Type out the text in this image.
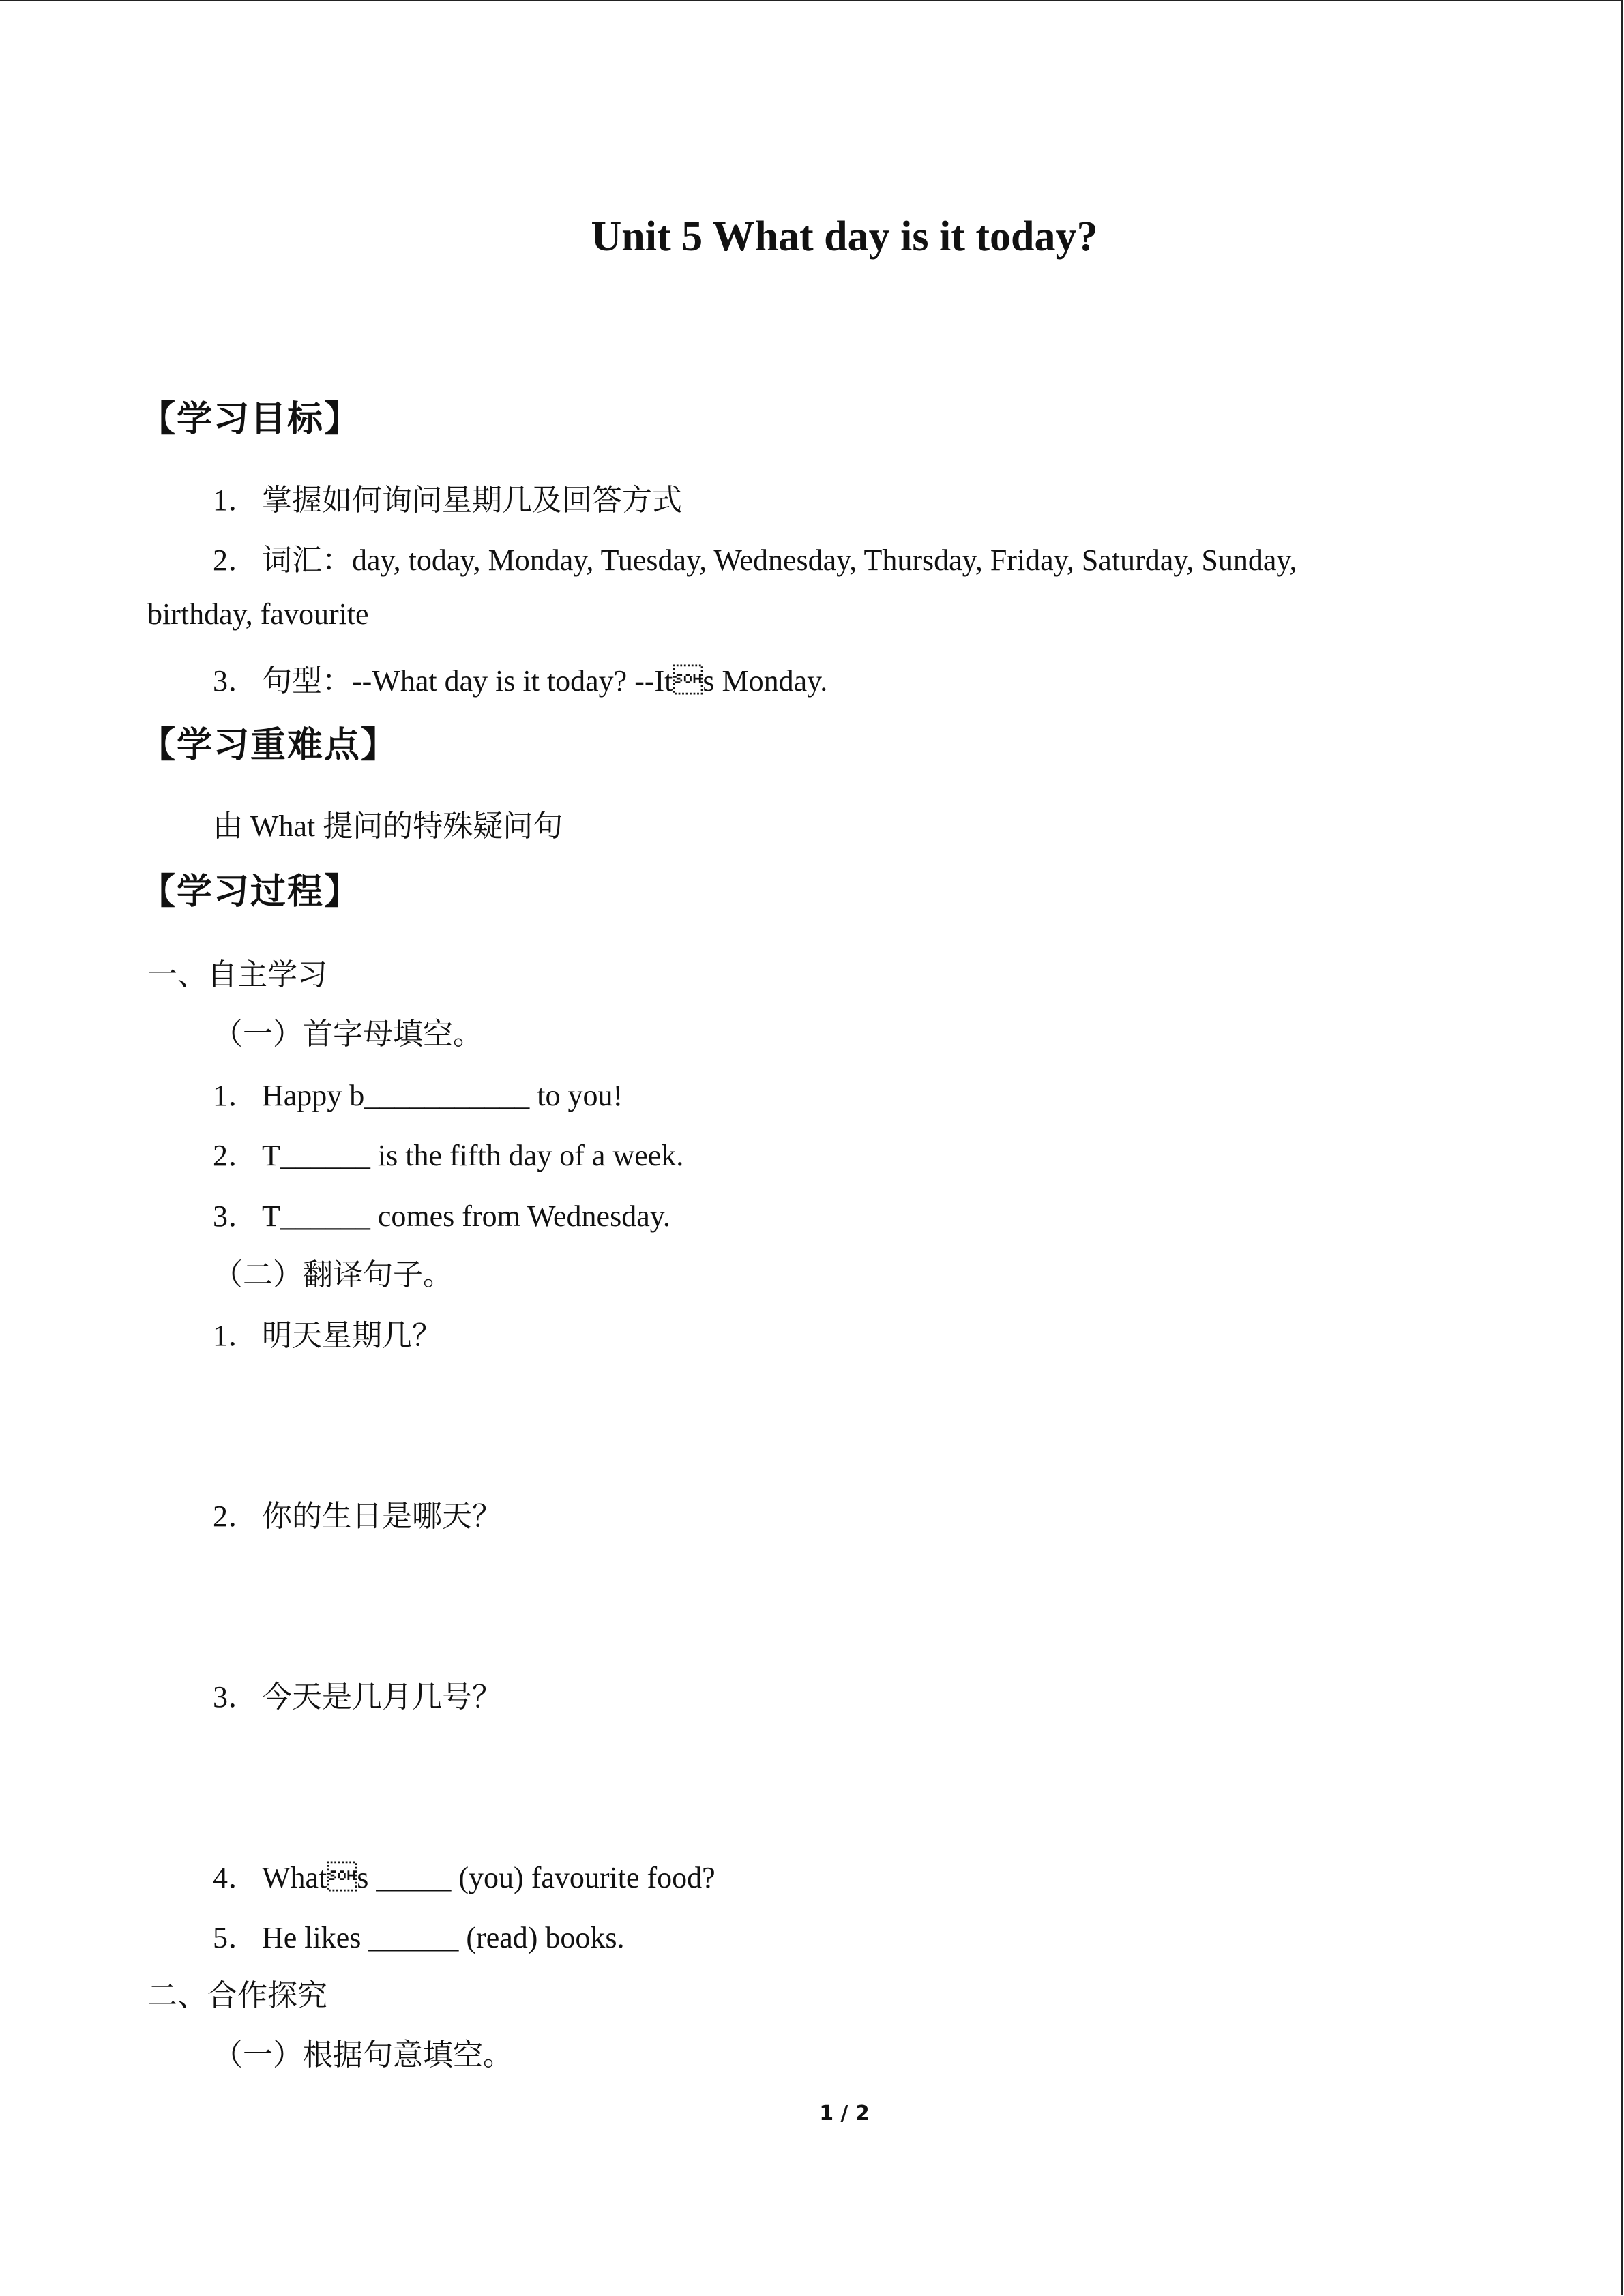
Unit 5 What day is it today?
【学习目标】
1． 掌握如何询问星期几及回答方式
2． 词汇：day, today, Monday, Tuesday, Wednesday, Thursday, Friday, Saturday, Sunday,
birthday, favourite
3． 句型：--What day is it today? --Its Monday.
【学习重难点】
由 What 提问的特殊疑问句
【学习过程】
一、自主学习
（一）首字母填空。
1． Happy b___________ to you!
2． T______ is the fifth day of a week.
3． T______ comes from Wednesday.
（二）翻译句子。
1． 明天星期几？
2． 你的生日是哪天？
3． 今天是几月几号？
4． Whats _____ (you) favourite food?
5． He likes ______ (read) books.
二、合作探究
（一）根据句意填空。
1 / 2
